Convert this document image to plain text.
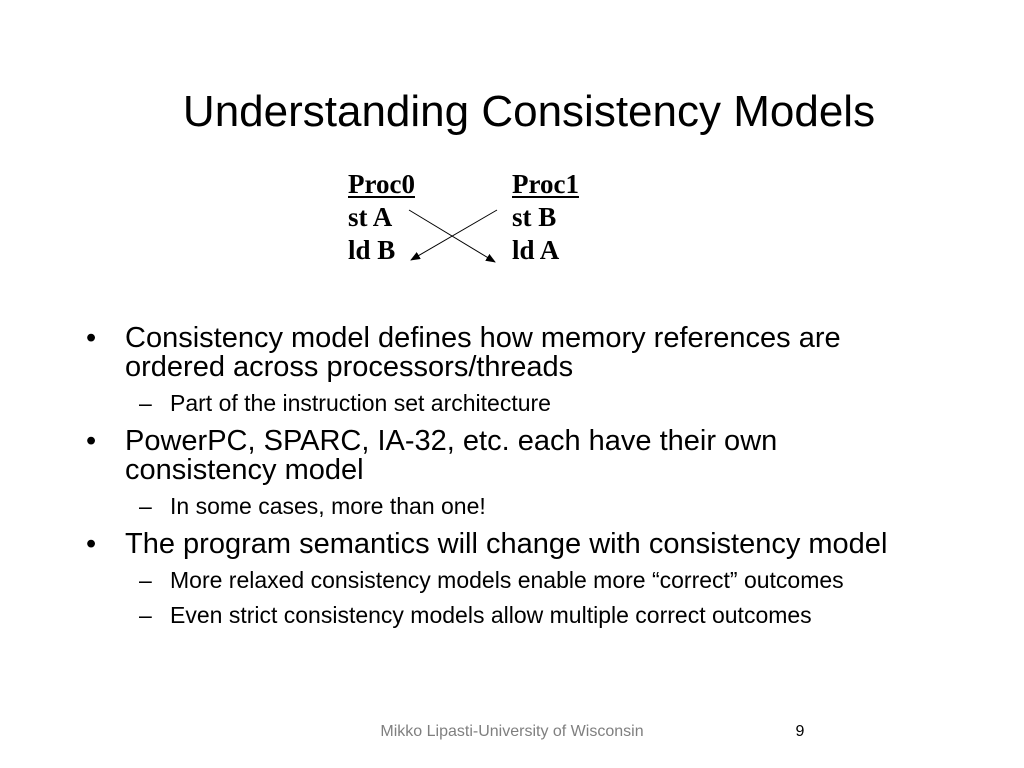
Understanding Consistency Models
Proc0
st A
ld B
Proc1
st B
ld A
• Consistency model defines how memory references are ordered across processors/threads
– Part of the instruction set architecture
• PowerPC, SPARC, IA-32, etc. each have their own consistency model
– In some cases, more than one!
• The program semantics will change with consistency model
– More relaxed consistency models enable more “correct” outcomes
– Even strict consistency models allow multiple correct outcomes
Mikko Lipasti-University of Wisconsin	9
